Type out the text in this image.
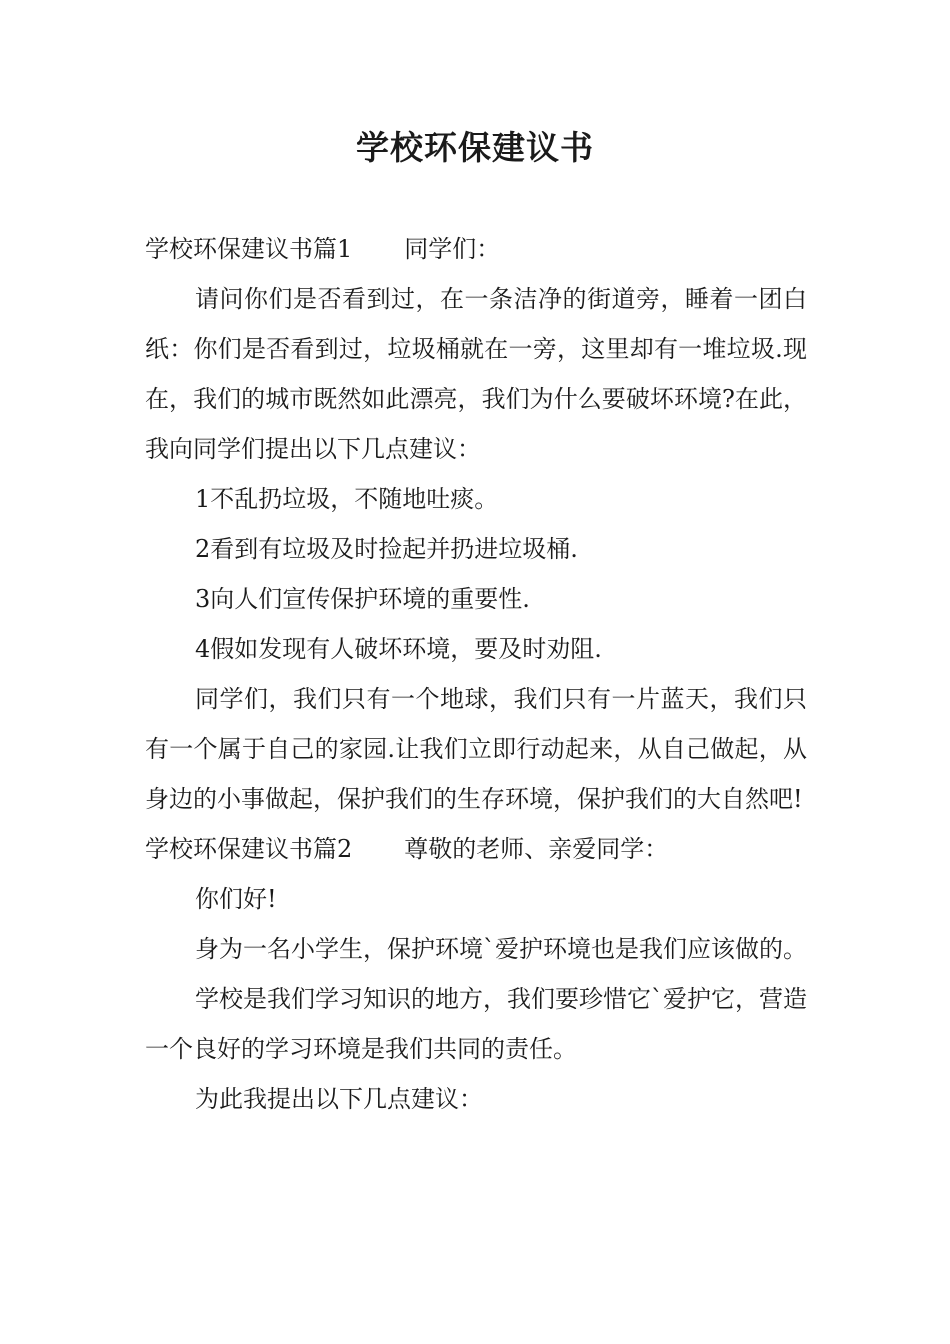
学校环保建议书

学校环保建议书篇1 同学们：

请问你们是否看到过，在一条洁净的街道旁，睡着一团白纸：你们是否看到过，垃圾桶就在一旁，这里却有一堆垃圾.现在，我们的城市既然如此漂亮，我们为什么要破坏环境?在此，我向同学们提出以下几点建议：

1不乱扔垃圾，不随地吐痰。

2看到有垃圾及时捡起并扔进垃圾桶.

3向人们宣传保护环境的重要性.

4假如发现有人破坏环境，要及时劝阻.

同学们，我们只有一个地球，我们只有一片蓝天，我们只有一个属于自己的家园.让我们立即行动起来，从自己做起，从身边的小事做起，保护我们的生存环境，保护我们的大自然吧!

学校环保建议书篇2 尊敬的老师、亲爱同学：

你们好!

身为一名小学生，保护环境`爱护环境也是我们应该做的。

学校是我们学习知识的地方，我们要珍惜它`爱护它，营造一个良好的学习环境是我们共同的责任。

为此我提出以下几点建议：
